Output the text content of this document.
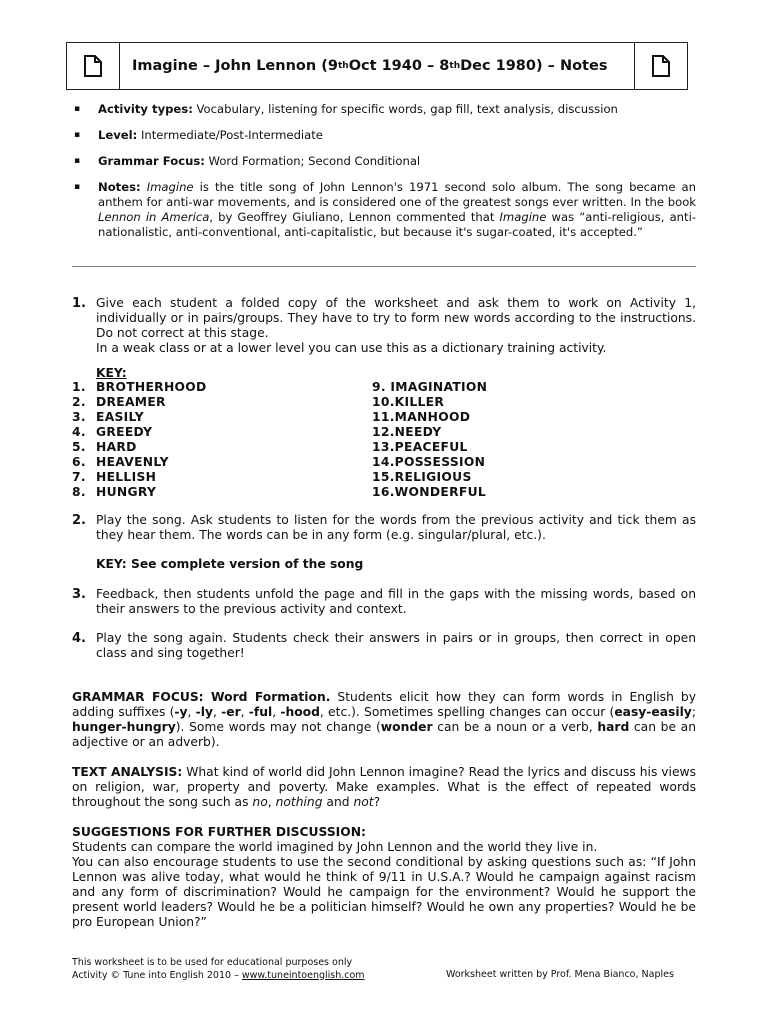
Imagine – John Lennon (9 th Oct 1940 – 8 th Dec 1980) – Notes
▪	Activity types: Vocabulary, listening for specific words, gap fill, text analysis, discussion
▪	Level: Intermediate/Post-Intermediate
▪	Grammar Focus: Word Formation; Second Conditional
▪	Notes: Imagine is the title song of John Lennon's 1971 second solo album. The song became an anthem for anti-war movements, and is considered one of the greatest songs ever written. In the book Lennon in America, by Geoffrey Giuliano, Lennon commented that Imagine was “anti-religious, anti-nationalistic, anti-conventional, anti-capitalistic, but because it's sugar-coated, it's accepted.”
1. Give each student a folded copy of the worksheet and ask them to work on Activity 1, individually or in pairs/groups. They have to try to form new words according to the instructions. Do not correct at this stage.
In a weak class or at a lower level you can use this as a dictionary training activity.
KEY:
1. BROTHERHOOD
2. DREAMER
3. EASILY
4. GREEDY
5. HARD
6. HEAVENLY
7. HELLISH
8. HUNGRY
9. IMAGINATION
10.KILLER
11.MANHOOD
12.NEEDY
13.PEACEFUL
14.POSSESSION
15.RELIGIOUS
16.WONDERFUL
2. Play the song. Ask students to listen for the words from the previous activity and tick them as they hear them. The words can be in any form (e.g. singular/plural, etc.).
KEY: See complete version of the song
3. Feedback, then students unfold the page and fill in the gaps with the missing words, based on their answers to the previous activity and context.
4. Play the song again. Students check their answers in pairs or in groups, then correct in open class and sing together!
GRAMMAR FOCUS: Word Formation. Students elicit how they can form words in English by adding suffixes (-y, -ly, -er, -ful, -hood, etc.). Sometimes spelling changes can occur (easy-easily; hunger-hungry). Some words may not change (wonder can be a noun or a verb, hard can be an adjective or an adverb).
TEXT ANALYSIS: What kind of world did John Lennon imagine? Read the lyrics and discuss his views on religion, war, property and poverty. Make examples. What is the effect of repeated words throughout the song such as no, nothing and not?
SUGGESTIONS FOR FURTHER DISCUSSION:
Students can compare the world imagined by John Lennon and the world they live in.
You can also encourage students to use the second conditional by asking questions such as: “If John Lennon was alive today, what would he think of 9/11 in U.S.A.? Would he campaign against racism and any form of discrimination? Would he campaign for the environment? Would he support the present world leaders? Would he be a politician himself? Would he own any properties? Would he be pro European Union?”
This worksheet is to be used for educational purposes only
Activity © Tune into English 2010 – www.tuneintoenglish.com	Worksheet written by Prof. Mena Bianco, Naples
